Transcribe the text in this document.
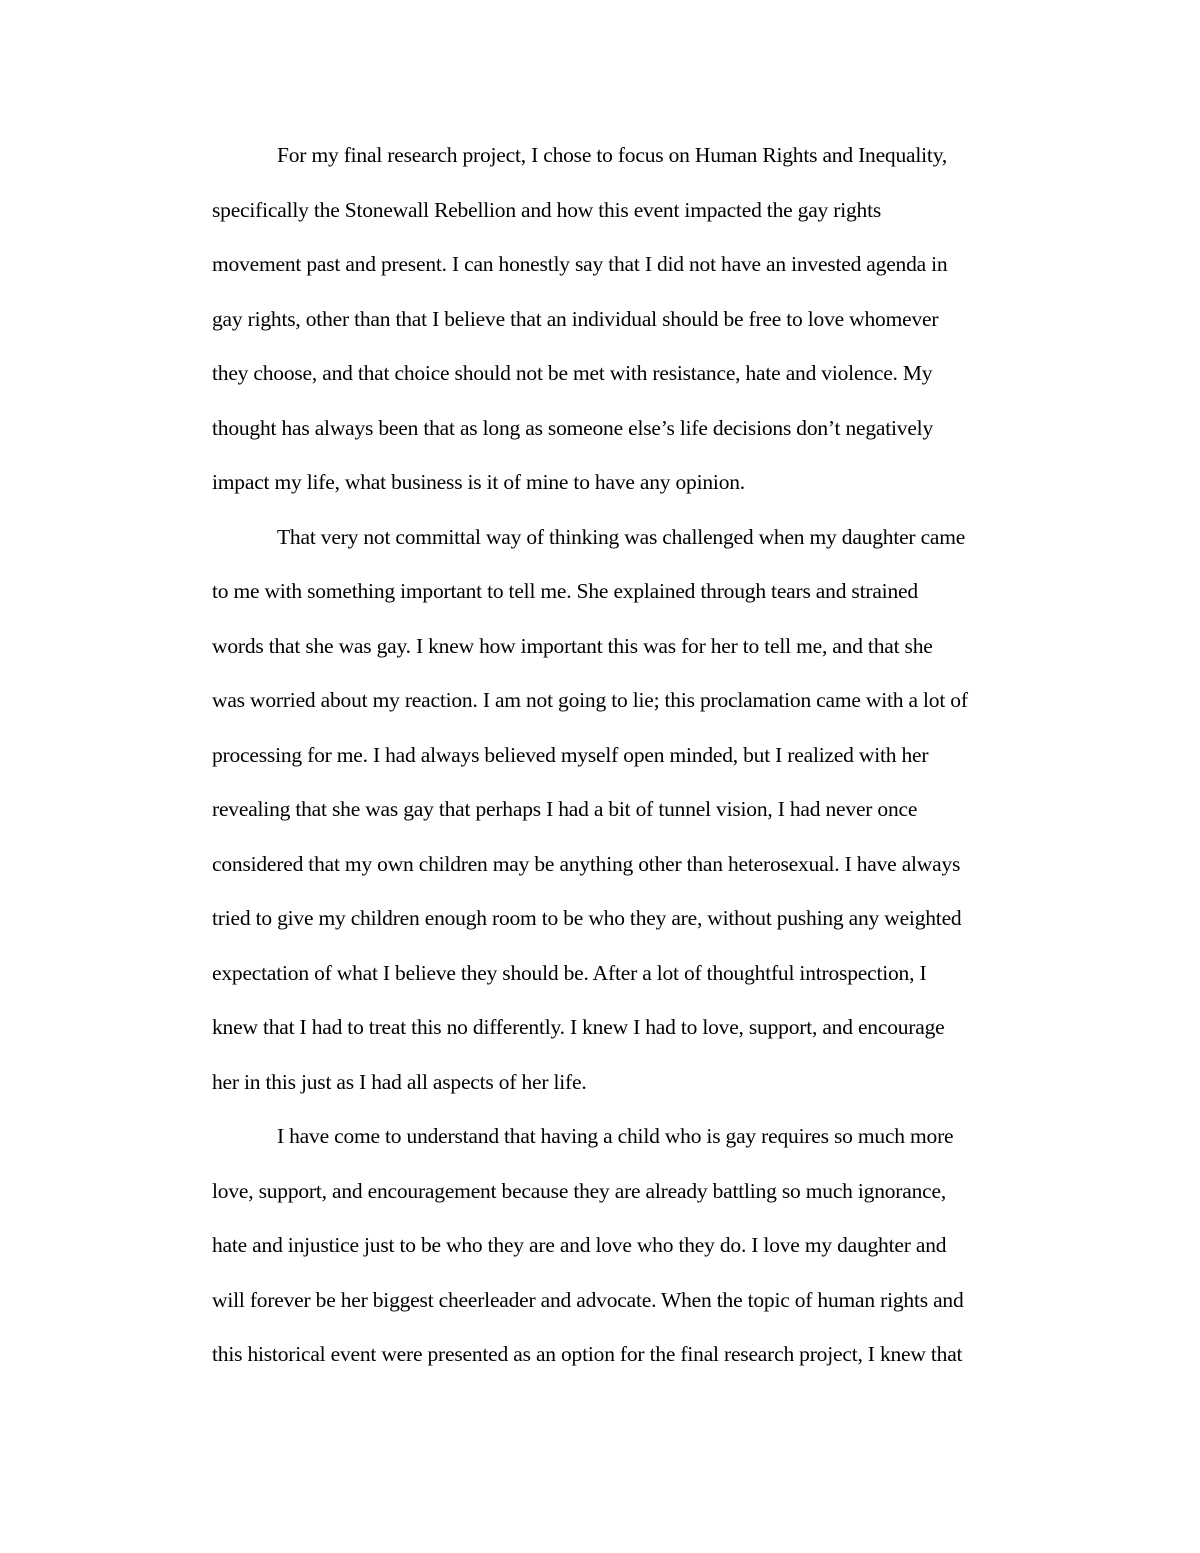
For my final research project, I chose to focus on Human Rights and Inequality,
specifically the Stonewall Rebellion and how this event impacted the gay rights
movement past and present. I can honestly say that I did not have an invested agenda in
gay rights, other than that I believe that an individual should be free to love whomever
they choose, and that choice should not be met with resistance, hate and violence. My
thought has always been that as long as someone else’s life decisions don’t negatively
impact my life, what business is it of mine to have any opinion.
That very not committal way of thinking was challenged when my daughter came
to me with something important to tell me. She explained through tears and strained
words that she was gay. I knew how important this was for her to tell me, and that she
was worried about my reaction. I am not going to lie; this proclamation came with a lot of
processing for me. I had always believed myself open minded, but I realized with her
revealing that she was gay that perhaps I had a bit of tunnel vision, I had never once
considered that my own children may be anything other than heterosexual. I have always
tried to give my children enough room to be who they are, without pushing any weighted
expectation of what I believe they should be. After a lot of thoughtful introspection, I
knew that I had to treat this no differently. I knew I had to love, support, and encourage
her in this just as I had all aspects of her life.
I have come to understand that having a child who is gay requires so much more
love, support, and encouragement because they are already battling so much ignorance,
hate and injustice just to be who they are and love who they do. I love my daughter and
will forever be her biggest cheerleader and advocate. When the topic of human rights and
this historical event were presented as an option for the final research project, I knew that
